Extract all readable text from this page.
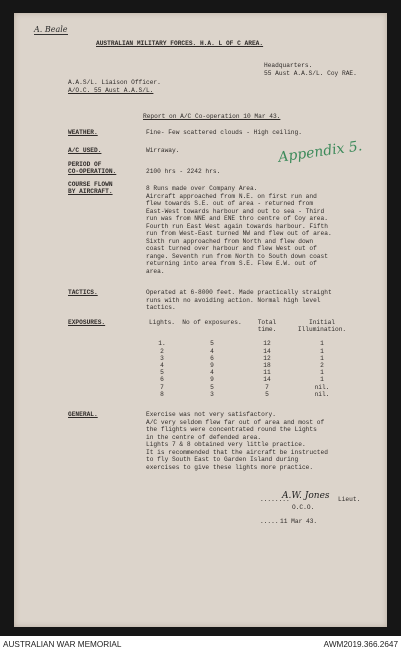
A. Beale
AUSTRALIAN MILITARY FORCES. H.A. L OF C AREA.
Headquarters.
55 Aust A.A.S/L. Coy RAE.
A.A.S/L. Liaison Officer.
A/O.C. 55 Aust A.A.S/L.
Report on A/C Co-operation 10 Mar 43.
Appendix 5.
WEATHER.	Fine- Few scattered clouds - High ceiling.
A/C USED.	Wirraway.
PERIOD OF
CO-OPERATION.	2100 hrs - 2242 hrs.
COURSE FLOWN
BY AIRCRAFT.	8 Runs made over Company Area.
Aircraft approached from N.E. on first run and
flew towards S.E. out of area - returned from
East-West towards harbour and out to sea - Third
run was from NNE and ENE thro centre of Coy area.
Fourth run East West again towards harbour. Fifth
run from West-East turned NW and flew out of area.
Sixth run approached from North and flew down
coast turned over harbour and flew West out of
range. Seventh run from North to South down coast
returning into area from S.E. Flew E.W. out of
area.
TACTICS.	Operated at 6-8000 feet. Made practically straight
runs with no avoiding action. Normal high level
tactics.
EXPOSURES.	Lights.	No of exposures.	Total	Initial
time.	Illumination.
1.	5	12	1
2	4	14	1
3	6	12	1
4	9	18	2
5	4	11	1
6	9	14	1
7	5	7	nil.
8	3	5	nil.
GENERAL.	Exercise was not very satisfactory.
A/C very seldom flew far out of area and most of
the flights were concentrated round the Lights
in the centre of defended area.
Lights 7 & 8 obtained very little practice.
It is recommended that the aircraft be instructed
to fly South East to Garden Island during
exercises to give these lights more practice.
........
A.W. Jones Lieut.
O.C.O.
..... 11 Mar 43.
AUSTRALIAN WAR MEMORIAL	AWM2019.366.2647
